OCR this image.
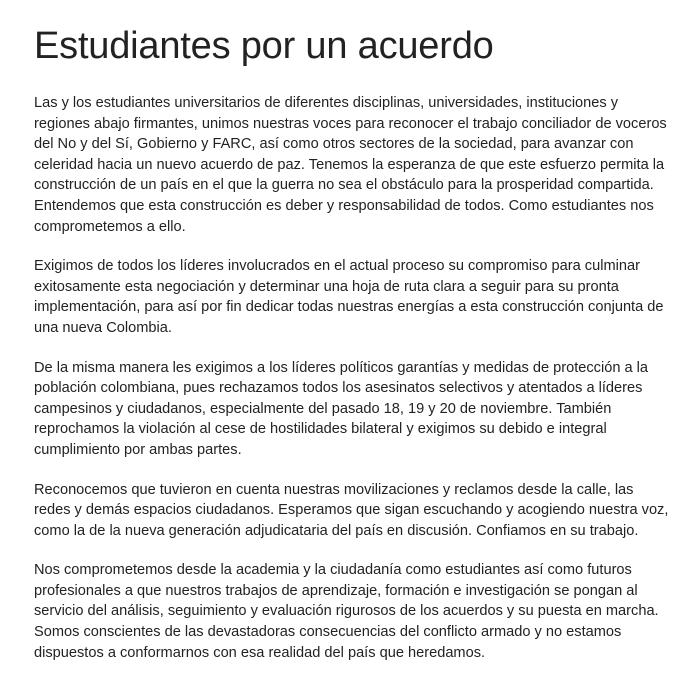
Estudiantes por un acuerdo

Las y los estudiantes universitarios de diferentes disciplinas, universidades, instituciones y regiones abajo firmantes, unimos nuestras voces para reconocer el trabajo conciliador de voceros del No y del Sí, Gobierno y FARC, así como otros sectores de la sociedad, para avanzar con celeridad hacia un nuevo acuerdo de paz. Tenemos la esperanza de que este esfuerzo permita la construcción de un país en el que la guerra no sea el obstáculo para la prosperidad compartida. Entendemos que esta construcción es deber y responsabilidad de todos. Como estudiantes nos comprometemos a ello.

Exigimos de todos los líderes involucrados en el actual proceso su compromiso para culminar exitosamente esta negociación y determinar una hoja de ruta clara a seguir para su pronta implementación, para así por fin dedicar todas nuestras energías a esta construcción conjunta de una nueva Colombia.

De la misma manera les exigimos a los líderes políticos garantías y medidas de protección a la población colombiana, pues rechazamos todos los asesinatos selectivos y atentados a líderes campesinos y ciudadanos, especialmente del pasado 18, 19 y 20 de noviembre. También reprochamos la violación al cese de hostilidades bilateral y exigimos su debido e integral cumplimiento por ambas partes.

Reconocemos que tuvieron en cuenta nuestras movilizaciones y reclamos desde la calle, las redes y demás espacios ciudadanos. Esperamos que sigan escuchando y acogiendo nuestra voz, como la de la nueva generación adjudicataria del país en discusión. Confiamos en su trabajo.

Nos comprometemos desde la academia y la ciudadanía como estudiantes así como futuros profesionales a que nuestros trabajos de aprendizaje, formación e investigación se pongan al servicio del análisis, seguimiento y evaluación rigurosos de los acuerdos y su puesta en marcha. Somos conscientes de las devastadoras consecuencias del conflicto armado y no estamos dispuestos a conformarnos con esa realidad del país que heredamos.
